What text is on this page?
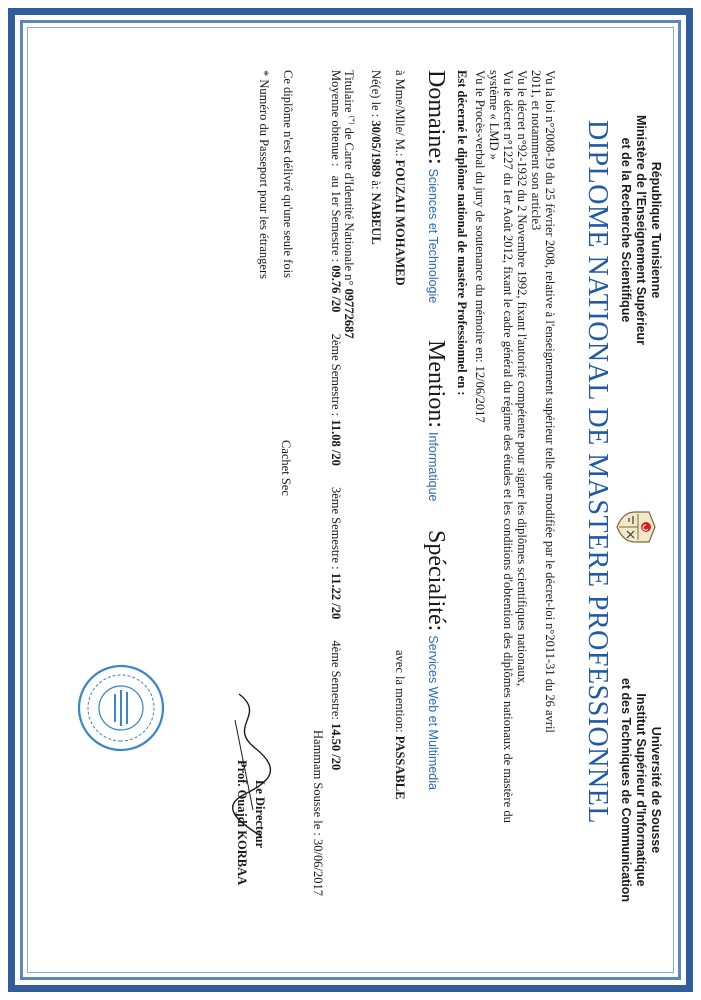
République Tunisienne
Ministère de l'Enseignement Supérieur
et de la Recherche Scientifique
Université de Sousse
Institut Supérieur d'Informatique
et des Techniques de Communication
DIPLOME NATIONAL DE MASTERE PROFESSIONNEL
Vu la loi n°2008-19 du 25 février 2008, relative à l'enseignement supérieur telle que modifiée par le décret-loi n°2011-31 du 26 avril
2011, et notamment son article3
Vu le décret n°92-1932 du 2 Novembre 1992, fixant l'autorité compétente pour signer les diplômes scientifiques nationaux,
Vu le décret n°1227 du 1er Août 2012, fixant le cadre général du régime des études et les conditions d'obtention des diplômes nationaux de mastère du
système « LMD »
Vu le Procès-verbal du jury de soutenance du mémoire en: 12/06/2017
Est décerné le diplôme national de mastère Professionnel en :
Domaine: Sciences et Technologie
Mention: Informatique
Spécialité: Services Web et Multimedia
à Mme/Mlle/ M.: FOUZAII MOHAMED
avec la mention: PASSABLE
Né(e) le : 30/05/1989 à: NABEUL
Titulaire (*) de Carte d'Identité Nationale n° 09772687
Moyenne obtenue : au 1er Semestre : 09.76 /20 2ème Semestre : 11.08 /20 3ème Semestre : 11.22 /20 4ème Semestre: 14.50 /20
Hammam Sousse le : 30/06/2017
Ce diplôme n'est délivré qu'une seule fois
* Numéro du Passeport pour les étrangers
Cachet Sec
Le Directeur
Prof. Ouajdi KORBAA
